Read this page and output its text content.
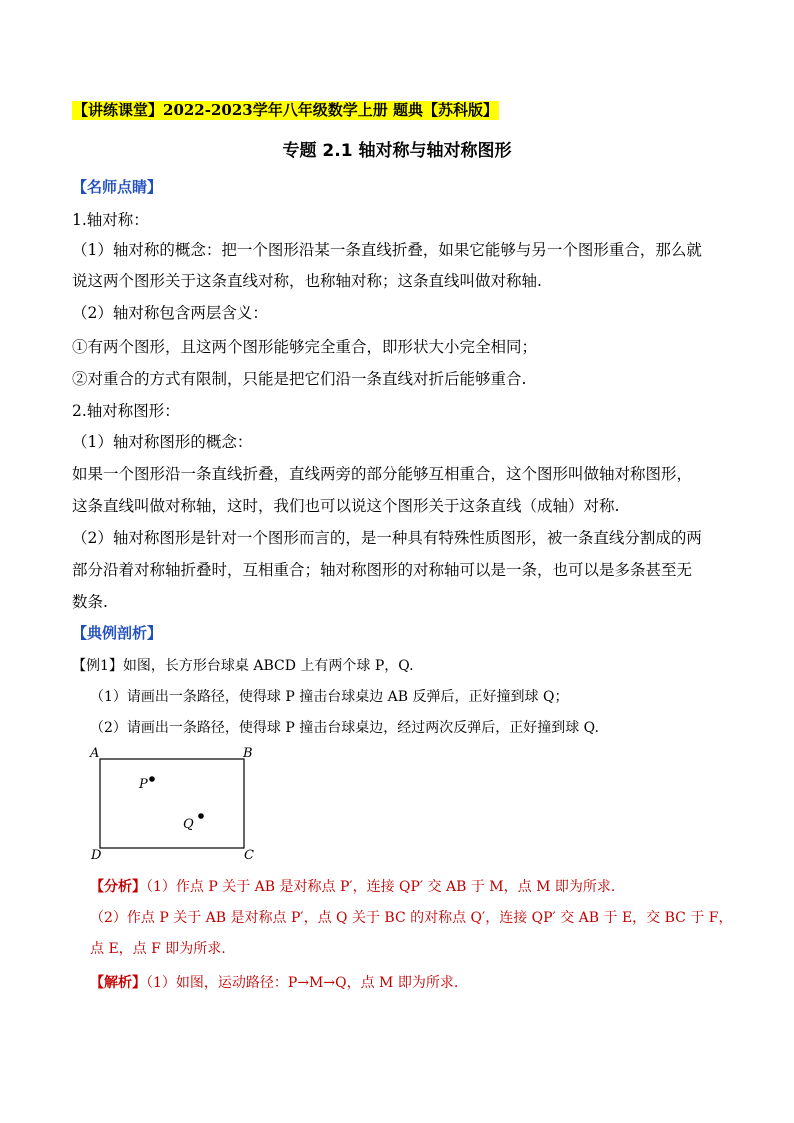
【讲练课堂】2022-2023学年八年级数学上册 题典【苏科版】
专题 2.1 轴对称与轴对称图形
【名师点睛】
1.轴对称：
（1）轴对称的概念：把一个图形沿某一条直线折叠，如果它能够与另一个图形重合，那么就
说这两个图形关于这条直线对称，也称轴对称；这条直线叫做对称轴.
（2）轴对称包含两层含义：
①有两个图形，且这两个图形能够完全重合，即形状大小完全相同；
②对重合的方式有限制，只能是把它们沿一条直线对折后能够重合.
2.轴对称图形：
（1）轴对称图形的概念：
如果一个图形沿一条直线折叠，直线两旁的部分能够互相重合，这个图形叫做轴对称图形，
这条直线叫做对称轴，这时，我们也可以说这个图形关于这条直线（成轴）对称.
（2）轴对称图形是针对一个图形而言的，是一种具有特殊性质图形，被一条直线分割成的两
部分沿着对称轴折叠时，互相重合；轴对称图形的对称轴可以是一条，也可以是多条甚至无
数条.
【典例剖析】
【例1】如图，长方形台球桌 ABCD 上有两个球 P，Q.
（1）请画出一条路径，使得球 P 撞击台球桌边 AB 反弹后，正好撞到球 Q；
（2）请画出一条路径，使得球 P 撞击台球桌边，经过两次反弹后，正好撞到球 Q.
A	B
C
D
P
Q
【分析】（1）作点 P 关于 AB 是对称点 P′，连接 QP′ 交 AB 于 M，点 M 即为所求.
（2）作点 P 关于 AB 是对称点 P′，点 Q 关于 BC 的对称点 Q′，连接 QP′ 交 AB 于 E，交 BC 于 F，
点 E，点 F 即为所求.
【解析】（1）如图，运动路径：P→M→Q，点 M 即为所求.
